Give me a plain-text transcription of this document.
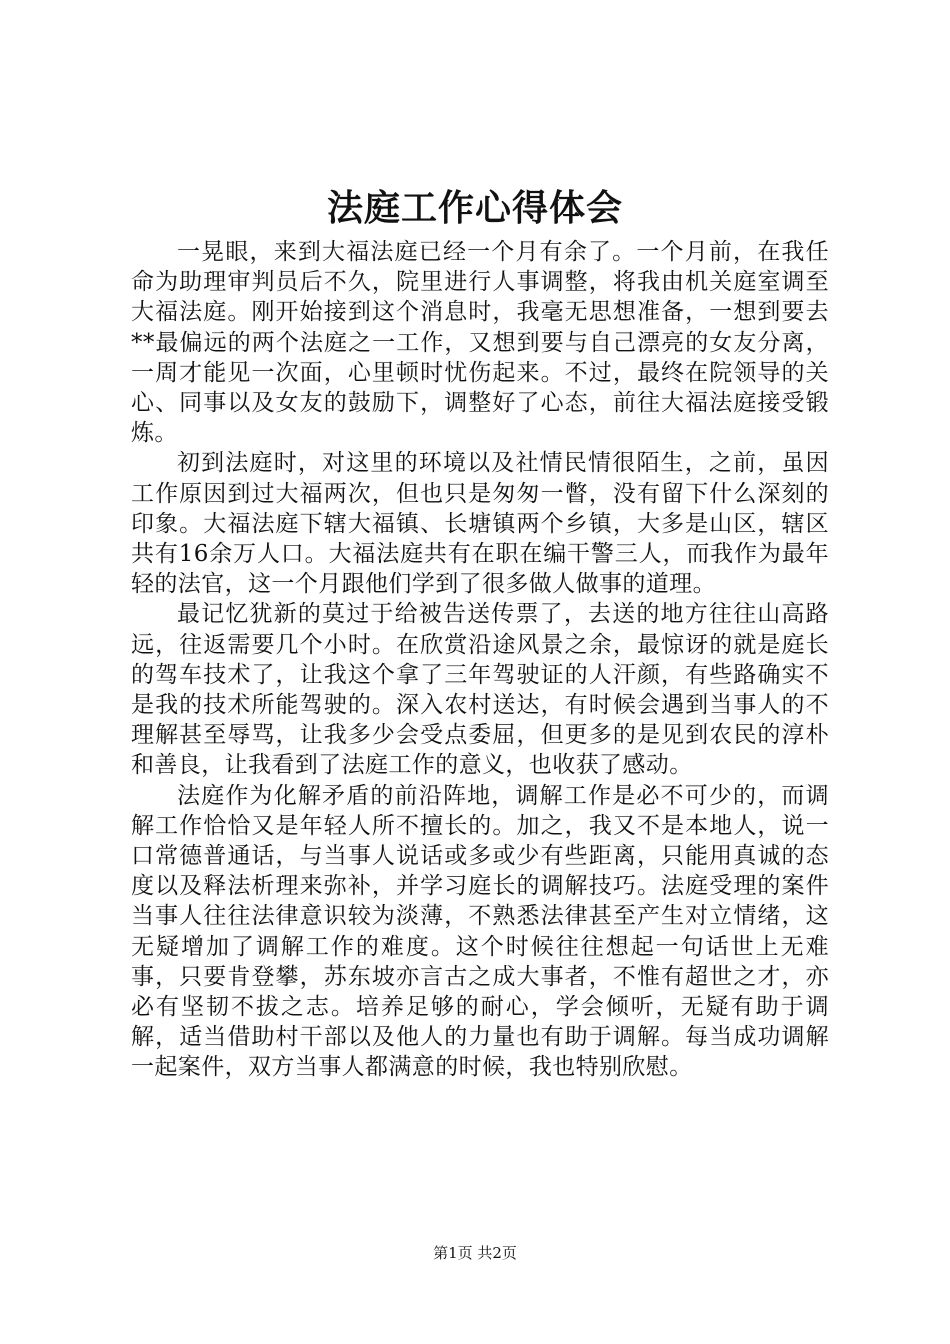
法庭工作心得体会

一晃眼，来到大福法庭已经一个月有余了。一个月前，在我任命为助理审判员后不久，院里进行人事调整，将我由机关庭室调至大福法庭。刚开始接到这个消息时，我毫无思想准备，一想到要去**最偏远的两个法庭之一工作，又想到要与自己漂亮的女友分离，一周才能见一次面，心里顿时忧伤起来。不过，最终在院领导的关心、同事以及女友的鼓励下，调整好了心态，前往大福法庭接受锻炼。

初到法庭时，对这里的环境以及社情民情很陌生，之前，虽因工作原因到过大福两次，但也只是匆匆一瞥，没有留下什么深刻的印象。大福法庭下辖大福镇、长塘镇两个乡镇，大多是山区，辖区共有16余万人口。大福法庭共有在职在编干警三人，而我作为最年轻的法官，这一个月跟他们学到了很多做人做事的道理。

最记忆犹新的莫过于给被告送传票了，去送的地方往往山高路远，往返需要几个小时。在欣赏沿途风景之余，最惊讶的就是庭长的驾车技术了，让我这个拿了三年驾驶证的人汗颜，有些路确实不是我的技术所能驾驶的。深入农村送达，有时候会遇到当事人的不理解甚至辱骂，让我多少会受点委屈，但更多的是见到农民的淳朴和善良，让我看到了法庭工作的意义，也收获了感动。

法庭作为化解矛盾的前沿阵地，调解工作是必不可少的，而调解工作恰恰又是年轻人所不擅长的。加之，我又不是本地人，说一口常德普通话，与当事人说话或多或少有些距离，只能用真诚的态度以及释法析理来弥补，并学习庭长的调解技巧。法庭受理的案件当事人往往法律意识较为淡薄，不熟悉法律甚至产生对立情绪，这无疑增加了调解工作的难度。这个时候往往想起一句话世上无难事，只要肯登攀，苏东坡亦言古之成大事者，不惟有超世之才，亦必有坚韧不拔之志。培养足够的耐心，学会倾听，无疑有助于调解，适当借助村干部以及他人的力量也有助于调解。每当成功调解一起案件，双方当事人都满意的时候，我也特别欣慰。

第1页 共2页
